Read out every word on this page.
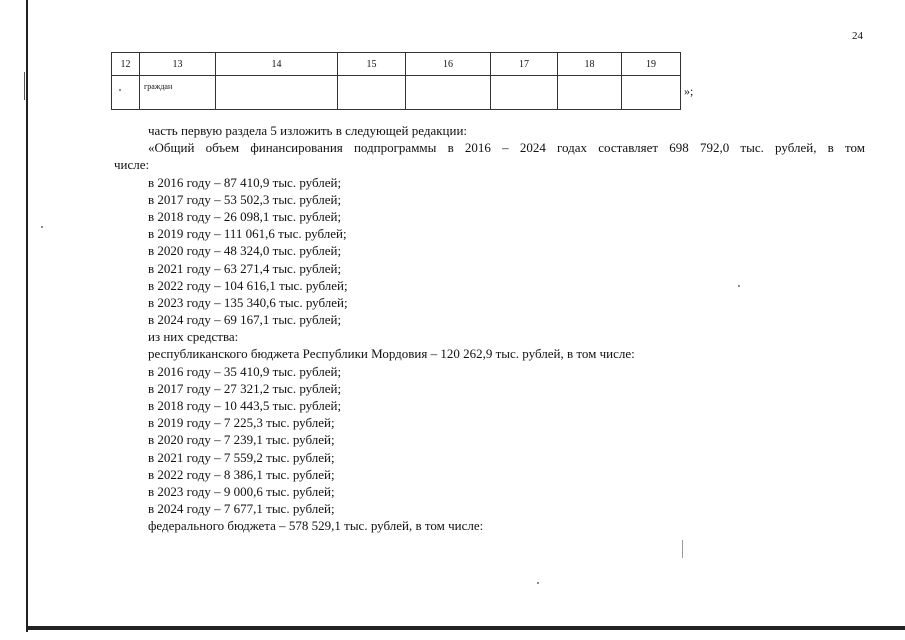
24
12	13	14	15	16	17	18	19
	граждан							»;
часть первую раздела 5 изложить в следующей редакции:
«Общий объем финансирования подпрограммы в 2016 – 2024 годах составляет 698 792,0 тыс. рублей, в том
числе:
в 2016 году – 87 410,9 тыс. рублей;
в 2017 году – 53 502,3 тыс. рублей;
в 2018 году – 26 098,1 тыс. рублей;
в 2019 году – 111 061,6 тыс. рублей;
в 2020 году – 48 324,0 тыс. рублей;
в 2021 году – 63 271,4 тыс. рублей;
в 2022 году – 104 616,1 тыс. рублей;
в 2023 году – 135 340,6 тыс. рублей;
в 2024 году – 69 167,1 тыс. рублей;
из них средства:
республиканского бюджета Республики Мордовия – 120 262,9 тыс. рублей, в том числе:
в 2016 году – 35 410,9 тыс. рублей;
в 2017 году – 27 321,2 тыс. рублей;
в 2018 году – 10 443,5 тыс. рублей;
в 2019 году – 7 225,3 тыс. рублей;
в 2020 году – 7 239,1 тыс. рублей;
в 2021 году – 7 559,2 тыс. рублей;
в 2022 году – 8 386,1 тыс. рублей;
в 2023 году – 9 000,6 тыс. рублей;
в 2024 году – 7 677,1 тыс. рублей;
федерального бюджета – 578 529,1 тыс. рублей, в том числе:
